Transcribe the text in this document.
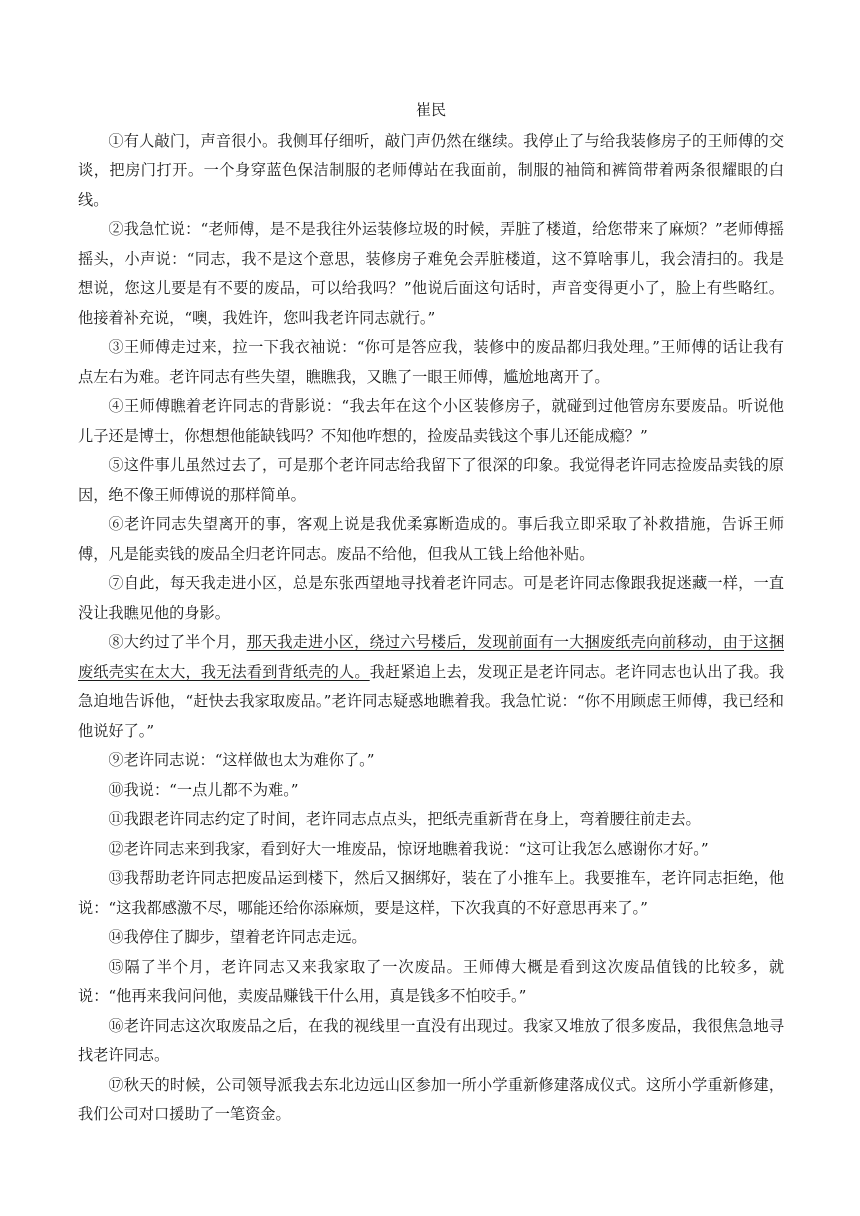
崔民

①有人敲门，声音很小。我侧耳仔细听，敲门声仍然在继续。我停止了与给我装修房子的王师傅的交谈，把房门打开。一个身穿蓝色保洁制服的老师傅站在我面前，制服的袖筒和裤筒带着两条很耀眼的白线。

②我急忙说：“老师傅，是不是我往外运装修垃圾的时候，弄脏了楼道，给您带来了麻烦？”老师傅摇摇头，小声说：“同志，我不是这个意思，装修房子难免会弄脏楼道，这不算啥事儿，我会清扫的。我是想说，您这儿要是有不要的废品，可以给我吗？”他说后面这句话时，声音变得更小了，脸上有些略红。他接着补充说，“噢，我姓许，您叫我老许同志就行。”

③王师傅走过来，拉一下我衣袖说：“你可是答应我，装修中的废品都归我处理。”王师傅的话让我有点左右为难。老许同志有些失望，瞧瞧我，又瞧了一眼王师傅，尴尬地离开了。

④王师傅瞧着老许同志的背影说：“我去年在这个小区装修房子，就碰到过他管房东要废品。听说他儿子还是博士，你想想他能缺钱吗？不知他咋想的，捡废品卖钱这个事儿还能成瘾？”

⑤这件事儿虽然过去了，可是那个老许同志给我留下了很深的印象。我觉得老许同志捡废品卖钱的原因，绝不像王师傅说的那样简单。

⑥老许同志失望离开的事，客观上说是我优柔寡断造成的。事后我立即采取了补救措施，告诉王师傅，凡是能卖钱的废品全归老许同志。废品不给他，但我从工钱上给他补贴。

⑦自此，每天我走进小区，总是东张西望地寻找着老许同志。可是老许同志像跟我捉迷藏一样，一直没让我瞧见他的身影。

⑧大约过了半个月，那天我走进小区，绕过六号楼后，发现前面有一大捆废纸壳向前移动，由于这捆废纸壳实在太大，我无法看到背纸壳的人。我赶紧追上去，发现正是老许同志。老许同志也认出了我。我急迫地告诉他，“赶快去我家取废品。”老许同志疑惑地瞧着我。我急忙说：“你不用顾虑王师傅，我已经和他说好了。”

⑨老许同志说：“这样做也太为难你了。”

⑩我说：“一点儿都不为难。”

⑪我跟老许同志约定了时间，老许同志点点头，把纸壳重新背在身上，弯着腰往前走去。

⑫老许同志来到我家，看到好大一堆废品，惊讶地瞧着我说：“这可让我怎么感谢你才好。”

⑬我帮助老许同志把废品运到楼下，然后又捆绑好，装在了小推车上。我要推车，老许同志拒绝，他说：“这我都感激不尽，哪能还给你添麻烦，要是这样，下次我真的不好意思再来了。”

⑭我停住了脚步，望着老许同志走远。

⑮隔了半个月，老许同志又来我家取了一次废品。王师傅大概是看到这次废品值钱的比较多，就说：“他再来我问问他，卖废品赚钱干什么用，真是钱多不怕咬手。”

⑯老许同志这次取废品之后，在我的视线里一直没有出现过。我家又堆放了很多废品，我很焦急地寻找老许同志。

⑰秋天的时候，公司领导派我去东北边远山区参加一所小学重新修建落成仪式。这所小学重新修建，我们公司对口援助了一笔资金。
